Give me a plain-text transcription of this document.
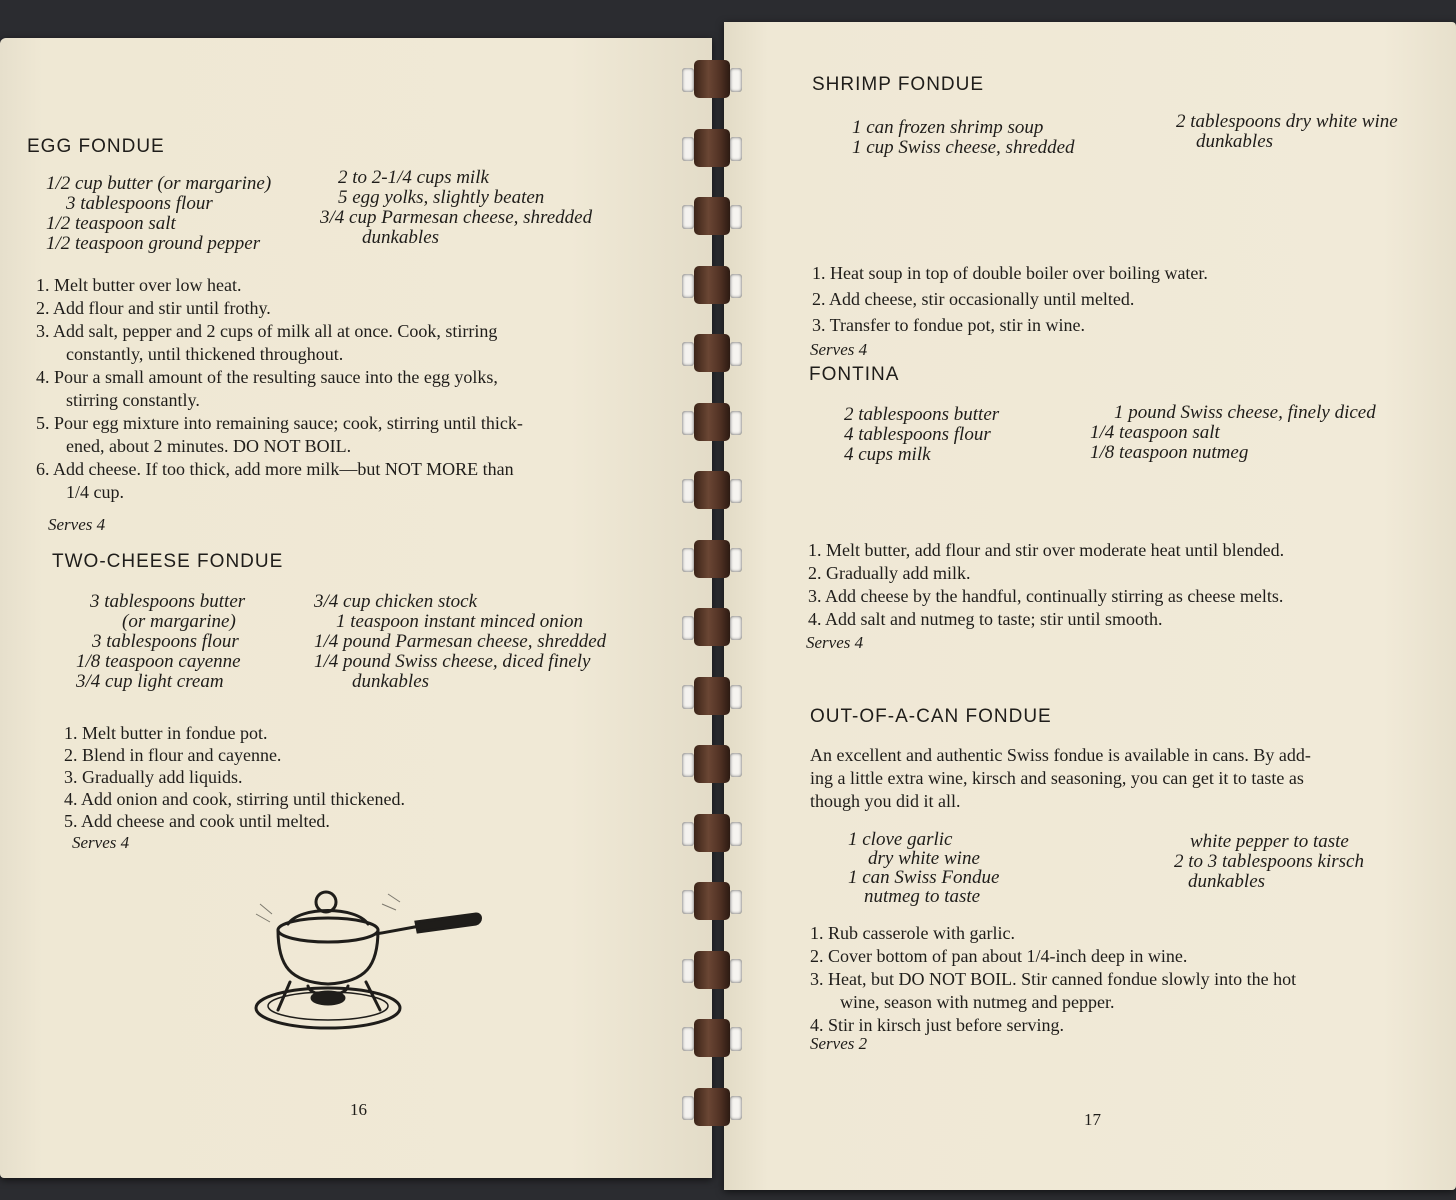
EGG FONDUE
1/2 cup butter (or margarine)
3 tablespoons flour
1/2 teaspoon salt
1/2 teaspoon ground pepper
2 to 2-1/4 cups milk
5 egg yolks, slightly beaten
3/4 cup Parmesan cheese, shredded
dunkables
1. Melt butter over low heat.
2. Add flour and stir until frothy.
3. Add salt, pepper and 2 cups of milk all at once. Cook, stirring
constantly, until thickened throughout.
4. Pour a small amount of the resulting sauce into the egg yolks,
stirring constantly.
5. Pour egg mixture into remaining sauce; cook, stirring until thick-
ened, about 2 minutes. DO NOT BOIL.
6. Add cheese. If too thick, add more milk—but NOT MORE than
1/4 cup.
Serves 4
TWO-CHEESE FONDUE
3 tablespoons butter
(or margarine)
3 tablespoons flour
1/8 teaspoon cayenne
3/4 cup light cream
3/4 cup chicken stock
1 teaspoon instant minced onion
1/4 pound Parmesan cheese, shredded
1/4 pound Swiss cheese, diced finely
dunkables
1. Melt butter in fondue pot.
2. Blend in flour and cayenne.
3. Gradually add liquids.
4. Add onion and cook, stirring until thickened.
5. Add cheese and cook until melted.
Serves 4
16
SHRIMP FONDUE
1 can frozen shrimp soup
1 cup Swiss cheese, shredded
2 tablespoons dry white wine
dunkables
1. Heat soup in top of double boiler over boiling water.
2. Add cheese, stir occasionally until melted.
3. Transfer to fondue pot, stir in wine.
Serves 4
FONTINA
2 tablespoons butter
4 tablespoons flour
4 cups milk
1 pound Swiss cheese, finely diced
1/4 teaspoon salt
1/8 teaspoon nutmeg
1. Melt butter, add flour and stir over moderate heat until blended.
2. Gradually add milk.
3. Add cheese by the handful, continually stirring as cheese melts.
4. Add salt and nutmeg to taste; stir until smooth.
Serves 4
OUT-OF-A-CAN FONDUE
An excellent and authentic Swiss fondue is available in cans. By add-
ing a little extra wine, kirsch and seasoning, you can get it to taste as
though you did it all.
1 clove garlic
dry white wine
1 can Swiss Fondue
nutmeg to taste
white pepper to taste
2 to 3 tablespoons kirsch
dunkables
1. Rub casserole with garlic.
2. Cover bottom of pan about 1/4-inch deep in wine.
3. Heat, but DO NOT BOIL. Stir canned fondue slowly into the hot
wine, season with nutmeg and pepper.
4. Stir in kirsch just before serving.
Serves 2
17
